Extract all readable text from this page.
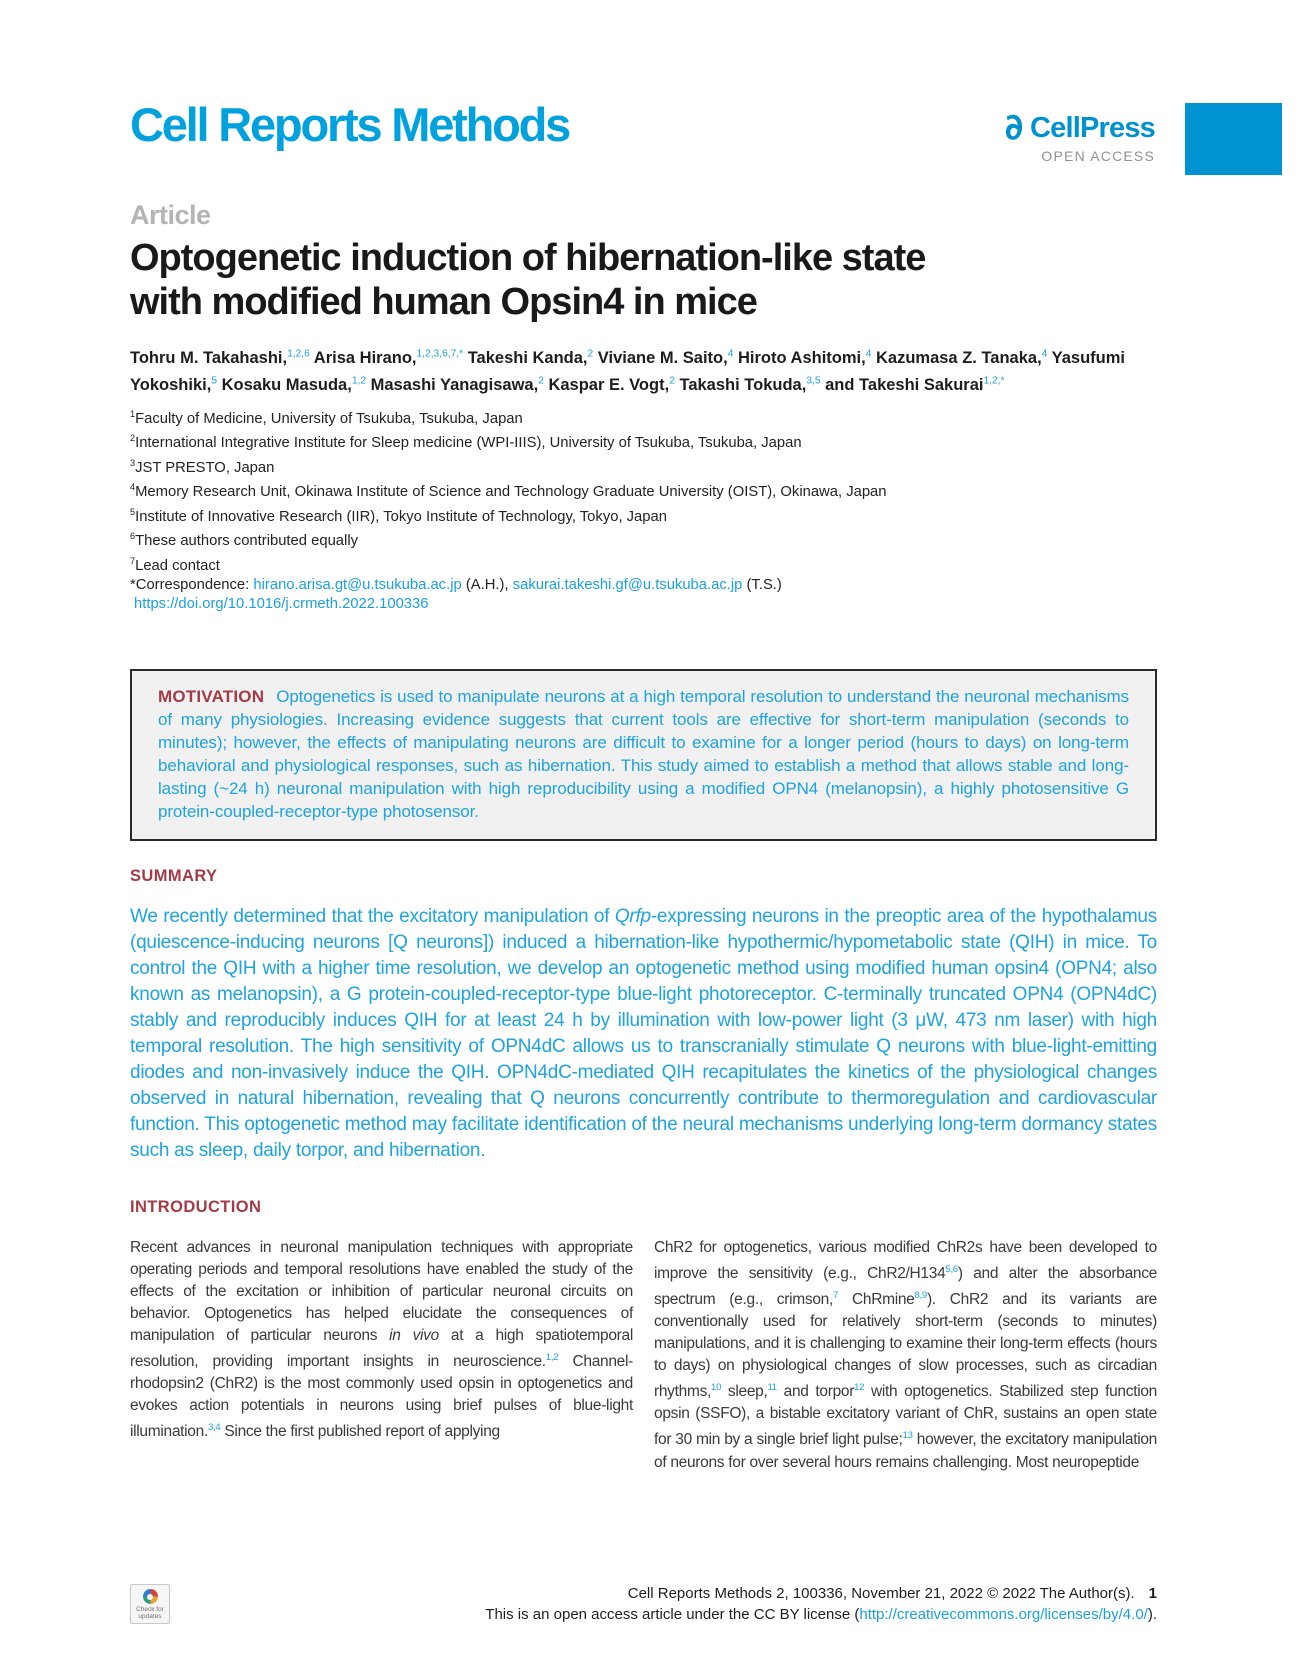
∂ CellPress
OPEN ACCESS
Cell Reports Methods
Article
Optogenetic induction of hibernation-like state
with modified human Opsin4 in mice
Tohru M. Takahashi,$^{1,2,6}$ Arisa Hirano,$^{1,2,3,6,7,*}$ Takeshi Kanda,$^2$ Viviane M. Saito,$^4$ Hiroto Ashitomi,$^4$ Kazumasa Z. Tanaka,$^4$ Yasufumi Yokoshiki,$^5$ Kosaku Masuda,$^{1,2}$ Masashi Yanagisawa,$^2$ Kaspar E. Vogt,$^2$ Takashi Tokuda,$^{3,5}$ and Takeshi Sakurai$^{1,2,*}$
$^1$Faculty of Medicine, University of Tsukuba, Tsukuba, Japan
$^2$International Integrative Institute for Sleep medicine (WPI-IIIS), University of Tsukuba, Tsukuba, Japan
$^3$JST PRESTO, Japan
$^4$Memory Research Unit, Okinawa Institute of Science and Technology Graduate University (OIST), Okinawa, Japan
$^5$Institute of Innovative Research (IIR), Tokyo Institute of Technology, Tokyo, Japan
$^6$These authors contributed equally
$^7$Lead contact
*Correspondence: hirano.arisa.gt@u.tsukuba.ac.jp (A.H.), sakurai.takeshi.gf@u.tsukuba.ac.jp (T.S.)
https://doi.org/10.1016/j.crmeth.2022.100336
MOTIVATION Optogenetics is used to manipulate neurons at a high temporal resolution to understand the neuronal mechanisms of many physiologies. Increasing evidence suggests that current tools are effective for short-term manipulation (seconds to minutes); however, the effects of manipulating neurons are difficult to examine for a longer period (hours to days) on long-term behavioral and physiological responses, such as hibernation. This study aimed to establish a method that allows stable and long-lasting (~24 h) neuronal manipulation with high reproducibility using a modified OPN4 (melanopsin), a highly photosensitive G protein-coupled-receptor-type photosensor.
SUMMARY
We recently determined that the excitatory manipulation of Qrfp-expressing neurons in the preoptic area of the hypothalamus (quiescence-inducing neurons [Q neurons]) induced a hibernation-like hypothermic/hypometabolic state (QIH) in mice. To control the QIH with a higher time resolution, we develop an optogenetic method using modified human opsin4 (OPN4; also known as melanopsin), a G protein-coupled-receptor-type blue-light photoreceptor. C-terminally truncated OPN4 (OPN4dC) stably and reproducibly induces QIH for at least 24 h by illumination with low-power light (3 μW, 473 nm laser) with high temporal resolution. The high sensitivity of OPN4dC allows us to transcranially stimulate Q neurons with blue-light-emitting diodes and non-invasively induce the QIH. OPN4dC-mediated QIH recapitulates the kinetics of the physiological changes observed in natural hibernation, revealing that Q neurons concurrently contribute to thermoregulation and cardiovascular function. This optogenetic method may facilitate identification of the neural mechanisms underlying long-term dormancy states such as sleep, daily torpor, and hibernation.
INTRODUCTION

Recent advances in neuronal manipulation techniques with appropriate operating periods and temporal resolutions have enabled the study of the effects of the excitation or inhibition of particular neuronal circuits on behavior. Optogenetics has helped elucidate the consequences of manipulation of particular neurons in vivo at a high spatiotemporal resolution, providing important insights in neuroscience.$^{1,2}$ Channel-rhodopsin2 (ChR2) is the most commonly used opsin in optogenetics and evokes action potentials in neurons using brief pulses of blue-light illumination.$^{3,4}$ Since the first published report of applying

ChR2 for optogenetics, various modified ChR2s have been developed to improve the sensitivity (e.g., ChR2/H134$^{5,6}$) and alter the absorbance spectrum (e.g., crimson,$^7$ ChRmine$^{8,9}$). ChR2 and its variants are conventionally used for relatively short-term (seconds to minutes) manipulations, and it is challenging to examine their long-term effects (hours to days) on physiological changes of slow processes, such as circadian rhythms,$^{10}$ sleep,$^{11}$ and torpor$^{12}$ with optogenetics. Stabilized step function opsin (SSFO), a bistable excitatory variant of ChR, sustains an open state for 30 min by a single brief light pulse;$^{13}$ however, the excitatory manipulation of neurons for over several hours remains challenging. Most neuropeptide

Check for updates
Cell Reports Methods 2, 100336, November 21, 2022 © 2022 The Author(s). 1
This is an open access article under the CC BY license (http://creativecommons.org/licenses/by/4.0/).
